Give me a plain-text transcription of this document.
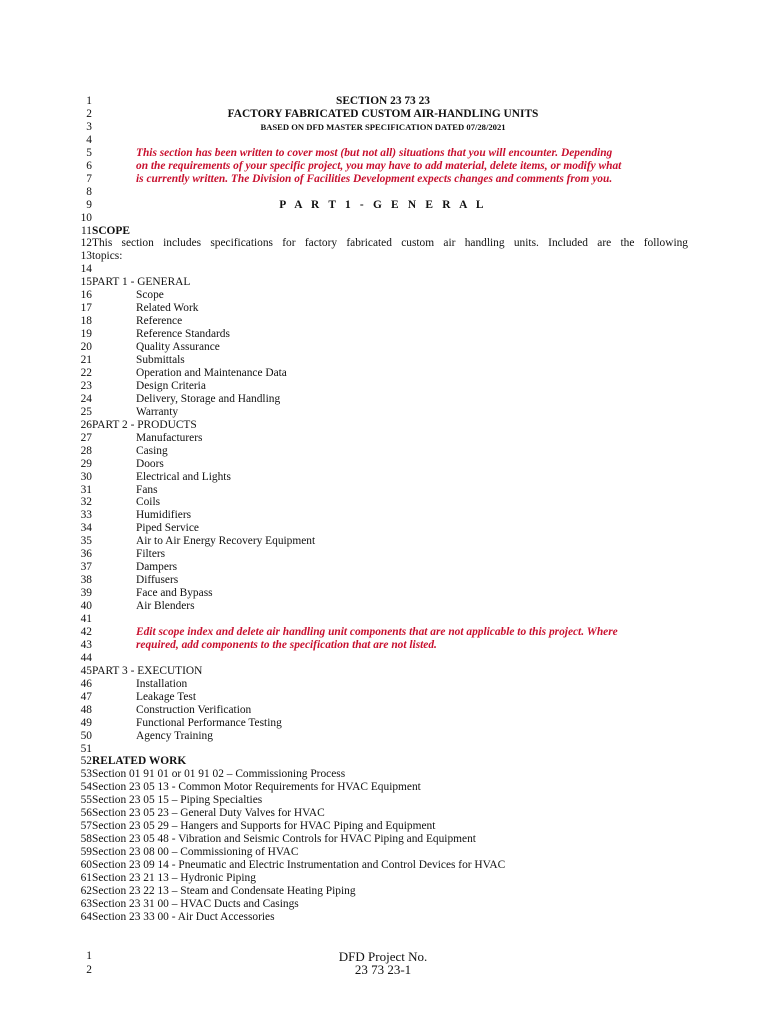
1	SECTION 23 73 23
2	FACTORY FABRICATED CUSTOM AIR-HANDLING UNITS
3	BASED ON DFD MASTER SPECIFICATION DATED 07/28/2021
4
5	This section has been written to cover most (but not all) situations that you will encounter. Depending
6	on the requirements of your specific project, you may have to add material, delete items, or modify what
7	is currently written. The Division of Facilities Development expects changes and comments from you.
8
9	P A R T 1 - G E N E R A L
10
11 SCOPE
12 This section includes specifications for factory fabricated custom air handling units. Included are the following
13 topics:
14
15 PART 1 - GENERAL
16	Scope
17	Related Work
18	Reference
19	Reference Standards
20	Quality Assurance
21	Submittals
22	Operation and Maintenance Data
23	Design Criteria
24	Delivery, Storage and Handling
25	Warranty
26 PART 2 - PRODUCTS
27	Manufacturers
28	Casing
29	Doors
30	Electrical and Lights
31	Fans
32	Coils
33	Humidifiers
34	Piped Service
35	Air to Air Energy Recovery Equipment
36	Filters
37	Dampers
38	Diffusers
39	Face and Bypass
40	Air Blenders
41
42	Edit scope index and delete air handling unit components that are not applicable to this project. Where
43	required, add components to the specification that are not listed.
44
45 PART 3 - EXECUTION
46	Installation
47	Leakage Test
48	Construction Verification
49	Functional Performance Testing
50	Agency Training
51
52 RELATED WORK
53 Section 01 91 01 or 01 91 02 – Commissioning Process
54 Section 23 05 13 - Common Motor Requirements for HVAC Equipment
55 Section 23 05 15 – Piping Specialties
56 Section 23 05 23 – General Duty Valves for HVAC
57 Section 23 05 29 – Hangers and Supports for HVAC Piping and Equipment
58 Section 23 05 48 - Vibration and Seismic Controls for HVAC Piping and Equipment
59 Section 23 08 00 – Commissioning of HVAC
60 Section 23 09 14 - Pneumatic and Electric Instrumentation and Control Devices for HVAC
61 Section 23 21 13 – Hydronic Piping
62 Section 23 22 13 – Steam and Condensate Heating Piping
63 Section 23 31 00 – HVAC Ducts and Casings
64 Section 23 33 00 - Air Duct Accessories
1
2
DFD Project No.
23 73 23-1
